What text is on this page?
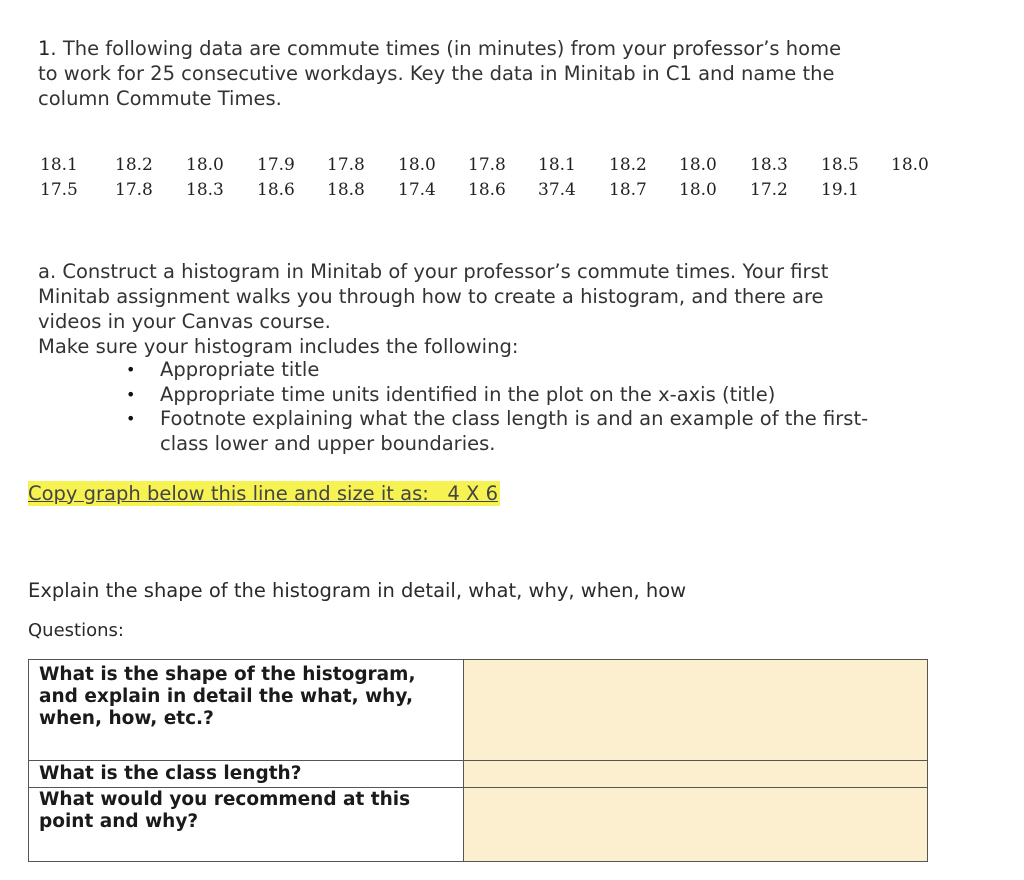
1. The following data are commute times (in minutes) from your professor’s home
to work for 25 consecutive workdays. Key the data in Minitab in C1 and name the
column Commute Times.
18.1 18.2 18.0 17.9 17.8 18.0 17.8 18.1 18.2 18.0 18.3 18.5 18.0
17.5 17.8 18.3 18.6 18.8 17.4 18.6 37.4 18.7 18.0 17.2 19.1
a. Construct a histogram in Minitab of your professor’s commute times. Your first
Minitab assignment walks you through how to create a histogram, and there are
videos in your Canvas course.
Make sure your histogram includes the following:
• Appropriate title
• Appropriate time units identified in the plot on the x-axis (title)
• Footnote explaining what the class length is and an example of the first-
class lower and upper boundaries.
Copy graph below this line and size it as:   4 X 6
Explain the shape of the histogram in detail, what, why, when, how
Questions:
What is the shape of the histogram,
and explain in detail the what, why,
when, how, etc.?	

What is the class length?	

What would you recommend at this
point and why?	
